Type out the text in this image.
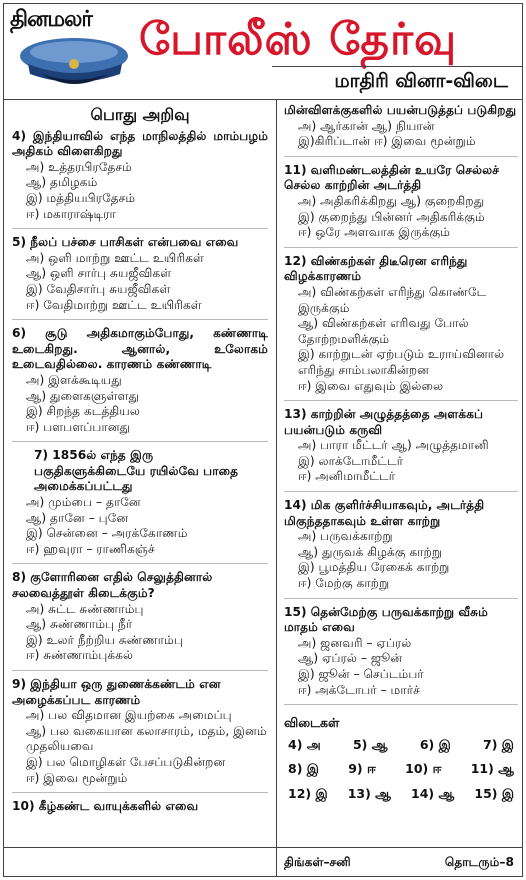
தினமலர் போலீஸ் தேர்வு
மாதிரி வினா-விடை
பொது அறிவு
4) இந்தியாவில் எந்த மாநிலத்தில் மாம்பழம் அதிகம் விளைகிறது
அ) உத்தரபிரதேசம்
ஆ) தமிழகம்
இ) மத்தியபிரதேசம்
ஈ) மகாராஷ்டிரா
5) நீலப் பச்சை பாசிகள் என்பவை எவை
அ) ஒளி மாற்று ஊட்ட உயிரிகள்
ஆ) ஒளி சார்பு சுயஜீவிகள்
இ) வேதிசார்பு சுயஜீவிகள்
ஈ) வேதிமாற்று ஊட்ட உயிரிகள்
6) சூடு அதிகமாகும்போது, கண்ணாடி உடைகிறது. ஆனால், உலோகம் உடைவதில்லை. காரணம் கண்ணாடி
அ) இளக்கூடியது
ஆ) துளைகளுள்ளது
இ) சிறந்த கடத்தியல
ஈ) பளபளப்பானது
7) 1856ல் எந்த இரு பகுதிகளுக்கிடையே ரயில்வே பாதை அமைக்கப்பட்டது
அ) மும்பை – தானே
ஆ) தானே – புனே
இ) சென்னை – அரக்கோணம்
ஈ) ஹவுரா – ராணிகஞ்ச்
8) குளோரினை எதில் செலுத்தினால் சலவைத்தூள் கிடைக்கும்?
அ) சுட்ட சுண்ணாம்பு
ஆ) சுண்ணாம்பு நீர்
இ) உலர் நீற்றிய சுண்ணாம்பு
ஈ) சுண்ணாம்புக்கல்
9) இந்தியா ஒரு துணைக்கண்டம் என அழைக்கப்பட காரணம்
அ) பல விதமான இயற்கை அமைப்பு
ஆ) பல வகையான கலாசாரம், மதம், இனம் முதலியவை
இ) பல மொழிகள் பேசப்படுகின்றன
ஈ) இவை மூன்றும்
10) கீழ்கண்ட வாயுக்களில் எவை
மின்விளக்குகளில் பயன்படுத்தப் படுகிறது
அ) ஆர்கான் ஆ) நியான்
இ)கிரிப்டான் ஈ) இவை மூன்றும்
11) வளிமண்டலத்தின் உயரே செல்லச் செல்ல காற்றின் அடர்த்தி
அ) அதிகரிக்கிறது ஆ) குறைகிறது
இ) குறைந்து பின்னர் அதிகரிக்கும்
ஈ) ஒரே அளவாக இருக்கும்
12) விண்கற்கள் திடீரென எரிந்து விழக்காரணம்
அ) விண்கற்கள் எரிந்து கொண்டே இருக்கும்
ஆ) விண்கற்கள் எரிவது போல் தோற்றமளிக்கும்
இ) காற்றுடன் ஏற்படும் உராய்வினால் எரிந்து சாம்பலாகின்றன
ஈ) இவை எதுவும் இல்லை
13) காற்றின் அழுத்தத்தை அளக்கப் பயன்படும் கருவி
அ) பாரா மீட்டர் ஆ) அழுத்தமானி
இ) லாக்டோமீட்டர்
ஈ) அனிமாமீட்டர்
14) மிக குளிர்ச்சியாகவும், அடர்த்தி மிகுந்ததாகவும் உள்ள காற்று
அ) பருவக்காற்று
ஆ) துருவக் கிழக்கு காற்று
இ) பூமத்திய ரேகைக் காற்று
ஈ) மேற்கு காற்று
15) தென்மேற்கு பருவக்காற்று வீசும் மாதம் எவை
அ) ஜனவரி – ஏப்ரல்
ஆ) ஏப்ரல் – ஜூன்
இ) ஜூன் – செப்டம்பர்
ஈ) அக்டோபர் – மார்ச்
விடைகள்
4) அ	5) ஆ	6) இ	7) இ
8) இ 9) ஈ 10) ஈ 11) ஆ
12) இ 13) ஆ 14) ஆ 15) இ
திங்கள்–சனி	தொடரும்–8
